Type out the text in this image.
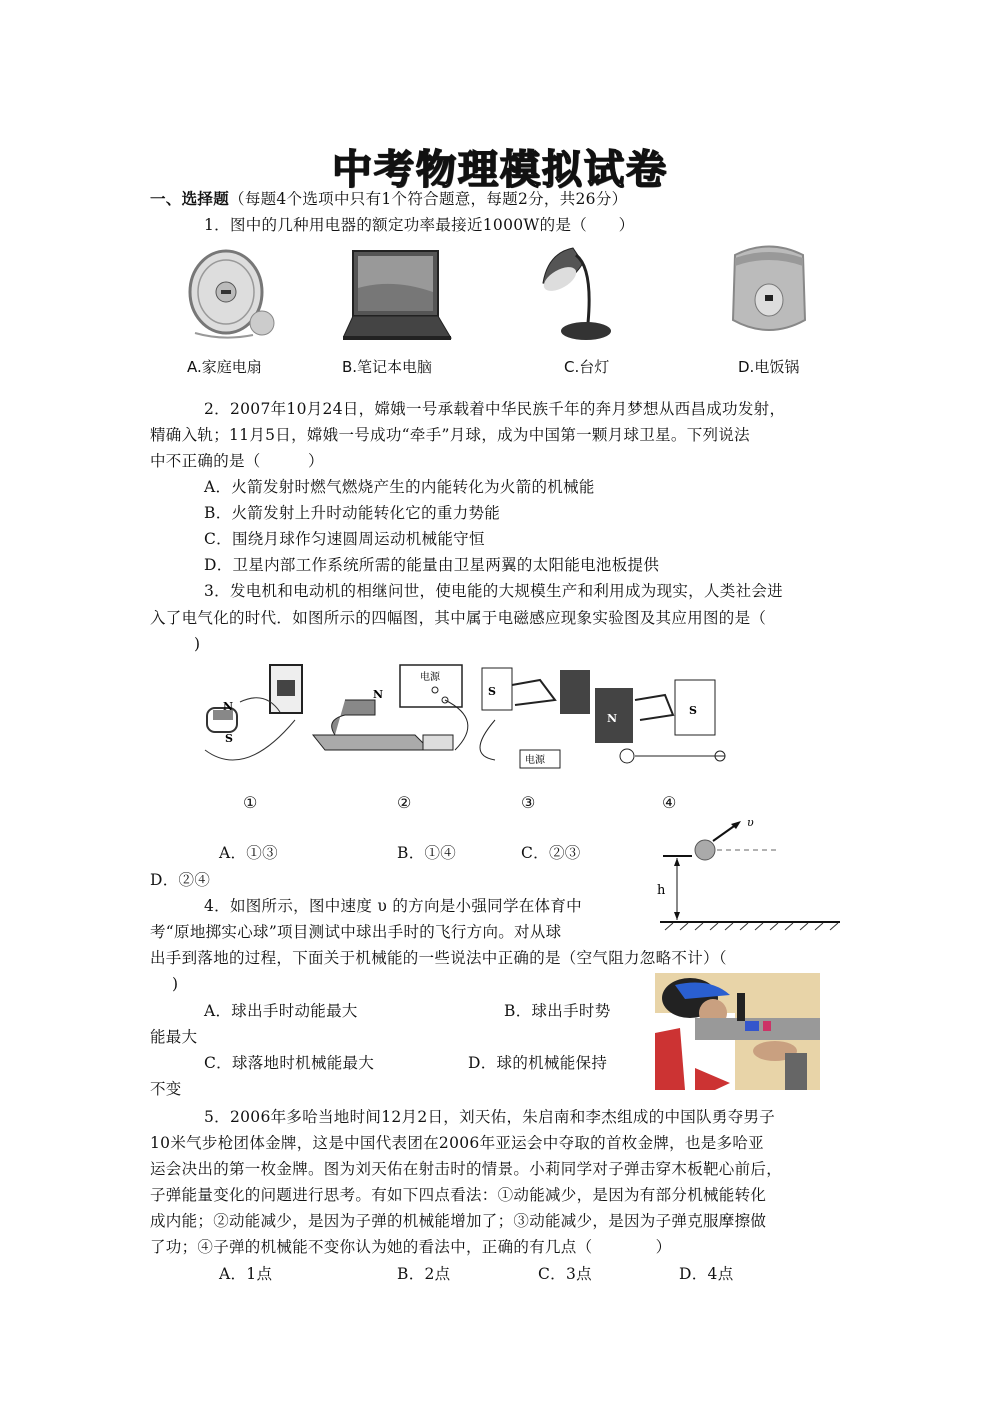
中考物理模拟试卷
一、选择题（每题4个选项中只有1个符合题意，每题2分，共26分）
1．图中的几种用电器的额定功率最接近1000W的是（　　）
A.家庭电扇	B.笔记本电脑	C.台灯	D.电饭锅
2．2007年10月24日，嫦娥一号承载着中华民族千年的奔月梦想从西昌成功发射，
精确入轨；11月5日，嫦娥一号成功“牵手”月球，成为中国第一颗月球卫星。下列说法
中不正确的是（　　　）
A．火箭发射时燃气燃烧产生的内能转化为火箭的机械能
B．火箭发射上升时动能转化它的重力势能
C．围绕月球作匀速圆周运动机械能守恒
D．卫星内部工作系统所需的能量由卫星两翼的太阳能电池板提供
3．发电机和电动机的相继问世，使电能的大规模生产和利用成为现实，人类社会进
入了电气化的时代．如图所示的四幅图，其中属于电磁感应现象实验图及其应用图的是（
)
N
S
电源
N	S
电源
N
S
①	②	③	④
A．①③	B．①④	C．②③
D．②④
υ
h
4．如图所示，图中速度 υ 的方向是小强同学在体育中
考“原地掷实心球”项目测试中球出手时的飞行方向。对从球
出手到落地的过程，下面关于机械能的一些说法中正确的是（空气阻力忽略不计）（
)
A．球出手时动能最大	B．球出手时势
能最大
C．球落地时机械能最大	D．球的机械能保持
不变
5．2006年多哈当地时间12月2日，刘天佑，朱启南和李杰组成的中国队勇夺男子
10米气步枪团体金牌，这是中国代表团在2006年亚运会中夺取的首枚金牌，也是多哈亚
运会决出的第一枚金牌。图为刘天佑在射击时的情景。小莉同学对子弹击穿木板靶心前后，
子弹能量变化的问题进行思考。有如下四点看法：①动能减少，是因为有部分机械能转化
成内能；②动能减少，是因为子弹的机械能增加了；③动能减少，是因为子弹克服摩擦做
了功；④子弹的机械能不变你认为她的看法中，正确的有几点（　　　　）
A．1点	B．2点	C．3点	D．4点
